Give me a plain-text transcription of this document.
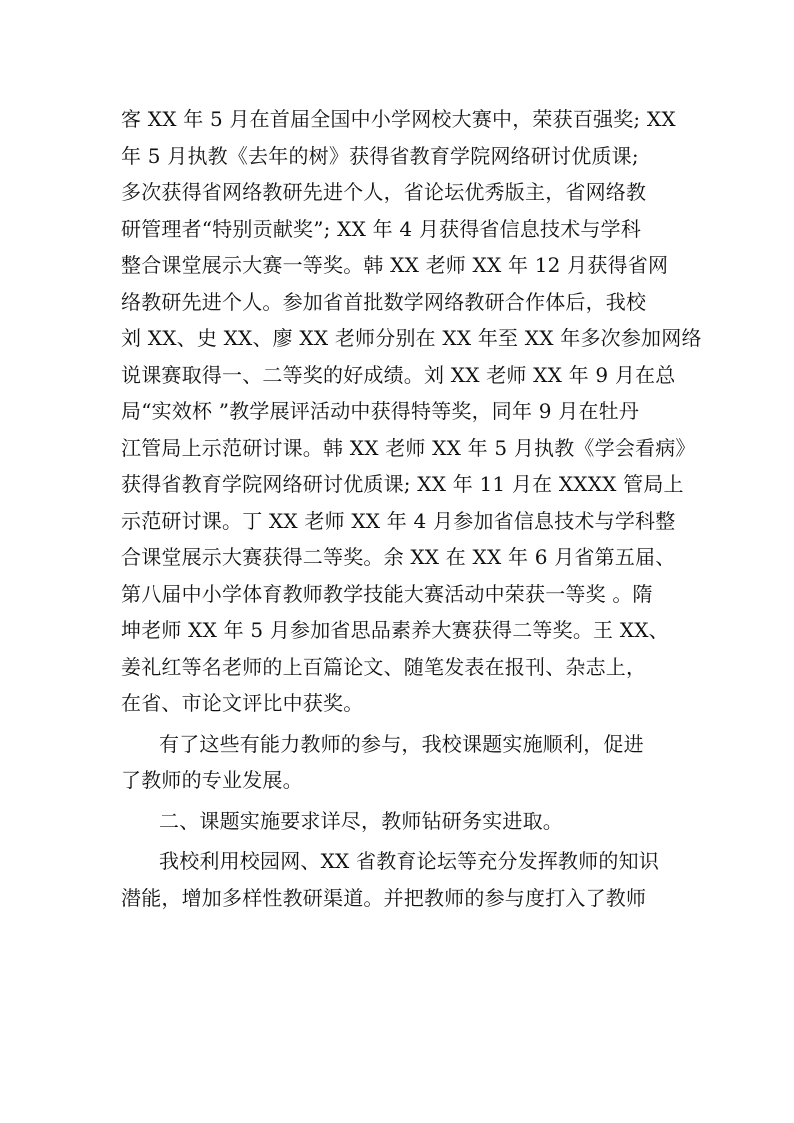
客 XX 年 5 月在首届全国中小学网校大赛中，荣获百强奖; XX
年 5 月执教《去年的树》获得省教育学院网络研讨优质课;
多次获得省网络教研先进个人，省论坛优秀版主，省网络教
研管理者“特别贡献奖”; XX 年 4 月获得省信息技术与学科
整合课堂展示大赛一等奖。韩 XX 老师 XX 年 12 月获得省网
络教研先进个人。参加省首批数学网络教研合作体后，我校
刘 XX、史 XX、廖 XX 老师分别在 XX 年至 XX 年多次参加网络
说课赛取得一、二等奖的好成绩。刘 XX 老师 XX 年 9 月在总
局“实效杯 ”教学展评活动中获得特等奖，同年 9 月在牡丹
江管局上示范研讨课。韩 XX 老师 XX 年 5 月执教《学会看病》
获得省教育学院网络研讨优质课; XX 年 11 月在 XXXX 管局上
示范研讨课。丁 XX 老师 XX 年 4 月参加省信息技术与学科整
合课堂展示大赛获得二等奖。余 XX 在 XX 年 6 月省第五届、
第八届中小学体育教师教学技能大赛活动中荣获一等奖 。隋
坤老师 XX 年 5 月参加省思品素养大赛获得二等奖。王 XX、
姜礼红等名老师的上百篇论文、随笔发表在报刊、杂志上，
在省、市论文评比中获奖。
有了这些有能力教师的参与，我校课题实施顺利，促进
了教师的专业发展。
二、课题实施要求详尽，教师钻研务实进取。
我校利用校园网、XX 省教育论坛等充分发挥教师的知识
潜能，增加多样性教研渠道。并把教师的参与度打入了教师
